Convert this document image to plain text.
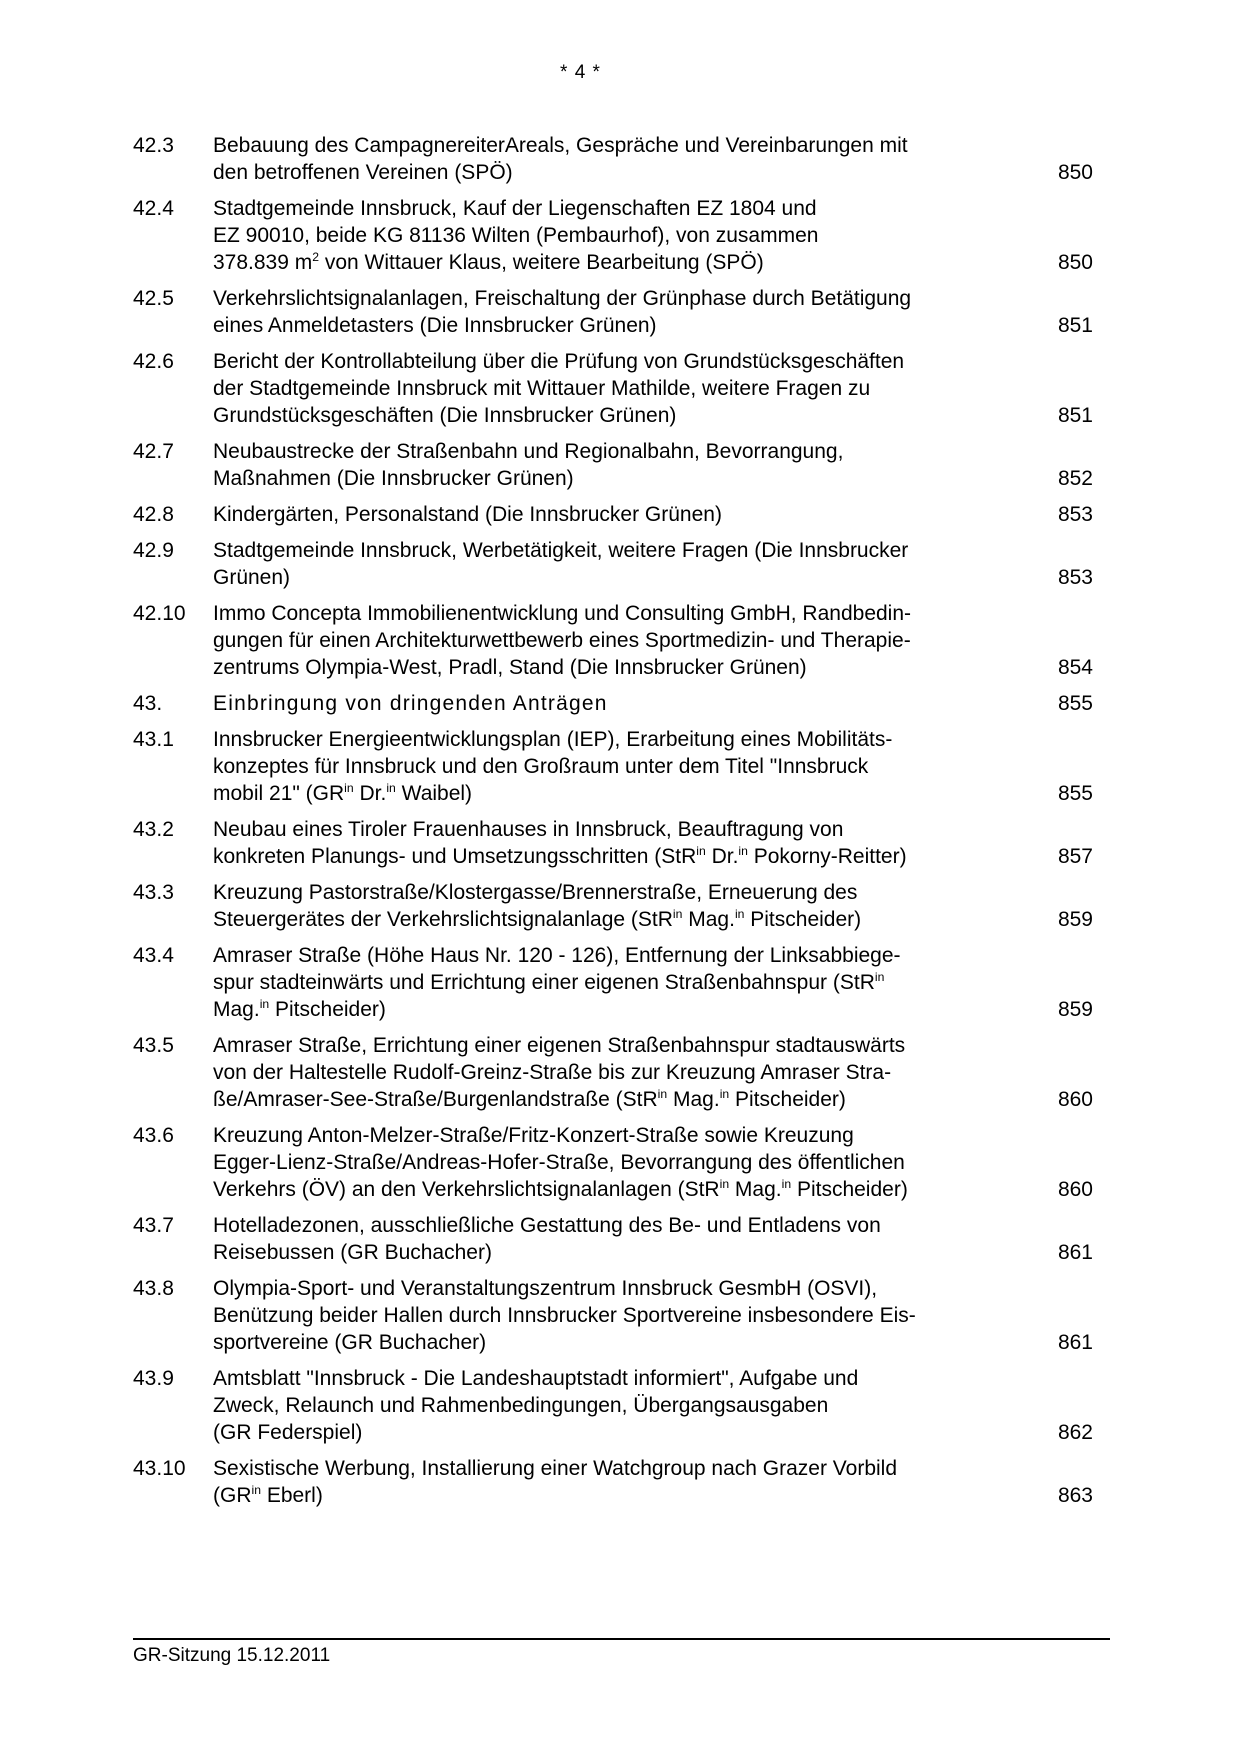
* 4 *
42.3	Bebauung des CampagnereiterAreals, Gespräche und Vereinbarungen mit
den betroffenen Vereinen (SPÖ)	850
42.4	Stadtgemeinde Innsbruck, Kauf der Liegenschaften EZ 1804 und
EZ 90010, beide KG 81136 Wilten (Pembaurhof), von zusammen
378.839 $m^2$ von Wittauer Klaus, weitere Bearbeitung (SPÖ)	850
42.5	Verkehrslichtsignalanlagen, Freischaltung der Grünphase durch Betätigung
eines Anmeldetasters (Die Innsbrucker Grünen)	851
42.6	Bericht der Kontrollabteilung über die Prüfung von Grundstücksgeschäften
der Stadtgemeinde Innsbruck mit Wittauer Mathilde, weitere Fragen zu
Grundstücksgeschäften (Die Innsbrucker Grünen)	851
42.7	Neubaustrecke der Straßenbahn und Regionalbahn, Bevorrangung,
Maßnahmen (Die Innsbrucker Grünen)	852
42.8	Kindergärten, Personalstand (Die Innsbrucker Grünen)	853
42.9	Stadtgemeinde Innsbruck, Werbetätigkeit, weitere Fragen (Die Innsbrucker
Grünen)	853
42.10	Immo Concepta Immobilienentwicklung und Consulting GmbH, Randbedin-
gungen für einen Architekturwettbewerb eines Sportmedizin- und Therapie-
zentrums Olympia-West, Pradl, Stand (Die Innsbrucker Grünen)	854
43.	Einbringung von dringenden Anträgen	855
43.1	Innsbrucker Energieentwicklungsplan (IEP), Erarbeitung eines Mobilitäts-
konzeptes für Innsbruck und den Großraum unter dem Titel "Innsbruck
mobil 21" ($GR^{in}$ Dr.$^{in}$ Waibel)	855
43.2	Neubau eines Tiroler Frauenhauses in Innsbruck, Beauftragung von
konkreten Planungs- und Umsetzungsschritten (StR$^{in}$ Dr.$^{in}$ Pokorny-Reitter)	857
43.3	Kreuzung Pastorstraße/Klostergasse/Brennerstraße, Erneuerung des
Steuergerätes der Verkehrslichtsignalanlage (StR$^{in}$ Mag.$^{in}$ Pitscheider)	859
43.4	Amraser Straße (Höhe Haus Nr. 120 - 126), Entfernung der Linksabbiege-
spur stadteinwärts und Errichtung einer eigenen Straßenbahnspur (StR$^{in}$
Mag.$^{in}$ Pitscheider)	859
43.5	Amraser Straße, Errichtung einer eigenen Straßenbahnspur stadtauswärts
von der Haltestelle Rudolf-Greinz-Straße bis zur Kreuzung Amraser Stra-
ße/Amraser-See-Straße/Burgenlandstraße (StR$^{in}$ Mag.$^{in}$ Pitscheider)	860
43.6	Kreuzung Anton-Melzer-Straße/Fritz-Konzert-Straße sowie Kreuzung
Egger-Lienz-Straße/Andreas-Hofer-Straße, Bevorrangung des öffentlichen
Verkehrs (ÖV) an den Verkehrslichtsignalanlagen (StR$^{in}$ Mag.$^{in}$ Pitscheider)	860
43.7	Hotelladezonen, ausschließliche Gestattung des Be- und Entladens von
Reisebussen (GR Buchacher)	861
43.8	Olympia-Sport- und Veranstaltungszentrum Innsbruck GesmbH (OSVI),
Benützung beider Hallen durch Innsbrucker Sportvereine insbesondere Eis-
sportvereine (GR Buchacher)	861
43.9	Amtsblatt "Innsbruck - Die Landeshauptstadt informiert", Aufgabe und
Zweck, Relaunch und Rahmenbedingungen, Übergangsausgaben
(GR Federspiel)	862
43.10	Sexistische Werbung, Installierung einer Watchgroup nach Grazer Vorbild
($GR^{in}$ Eberl)	863
GR-Sitzung 15.12.2011
